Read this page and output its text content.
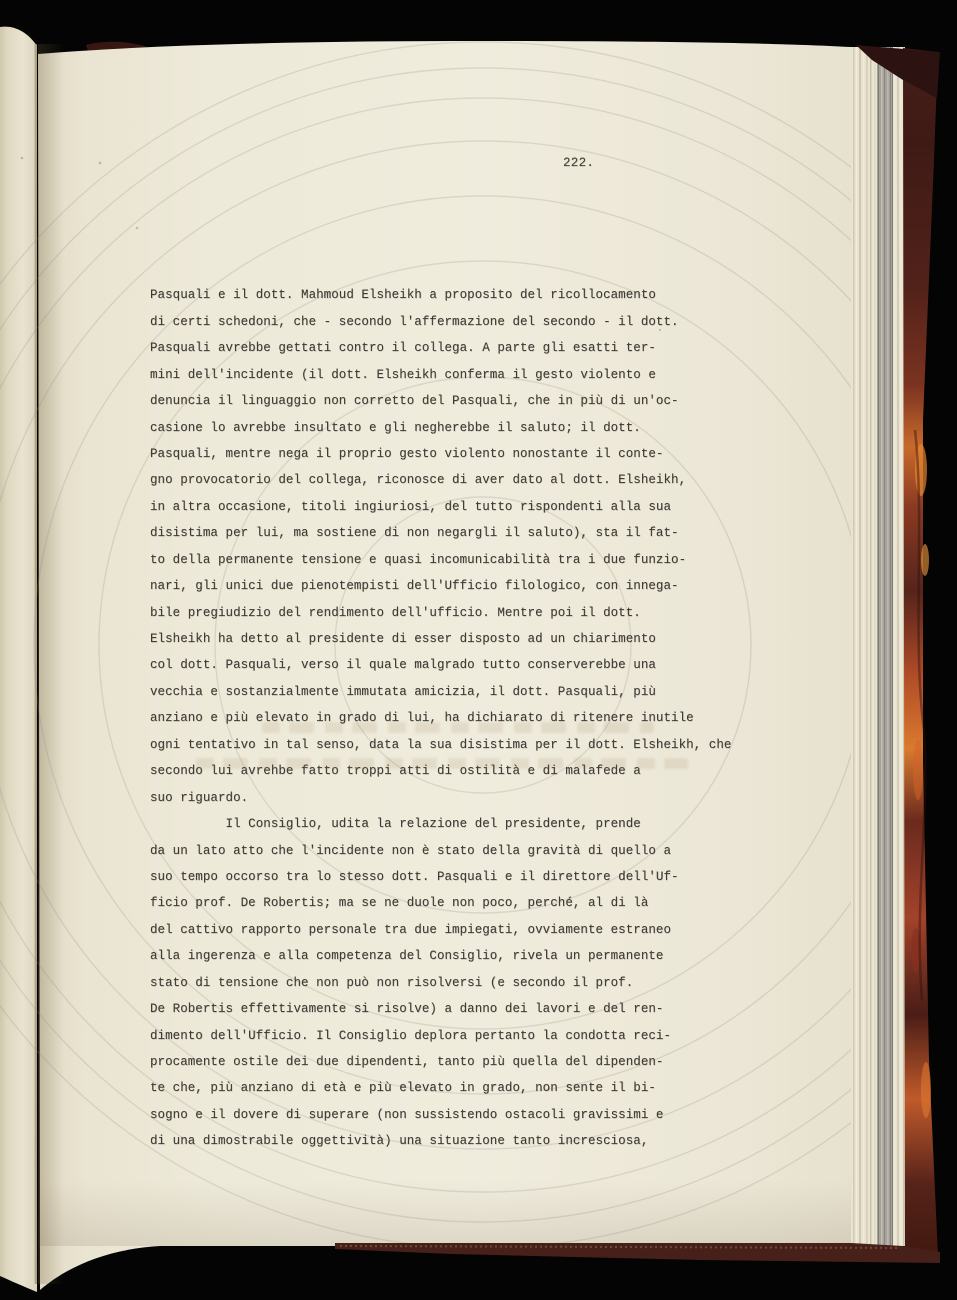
222.

Pasquali e il dott. Mahmoud Elsheikh a proposito del ricollocamento
di certi schedoni, che - secondo l'affermazione del secondo - il dott.
Pasquali avrebbe gettati contro il collega. A parte gli esatti ter-
mini dell'incidente (il dott. Elsheikh conferma il gesto violento e
denuncia il linguaggio non corretto del Pasquali, che in più di un'oc-
casione lo avrebbe insultato e gli negherebbe il saluto; il dott.
Pasquali, mentre nega il proprio gesto violento nonostante il conte-
gno provocatorio del collega, riconosce di aver dato al dott. Elsheikh,
in altra occasione, titoli ingiuriosi, del tutto rispondenti alla sua
disistima per lui, ma sostiene di non negargli il saluto), sta il fat-
to della permanente tensione e quasi incomunicabilità tra i due funzio-
nari, gli unici due pienotempisti dell'Ufficio filologico, con innega-
bile pregiudizio del rendimento dell'ufficio. Mentre poi il dott.
Elsheikh ha detto al presidente di esser disposto ad un chiarimento
col dott. Pasquali, verso il quale malgrado tutto conserverebbe una
vecchia e sostanzialmente immutata amicizia, il dott. Pasquali, più
anziano e più elevato in grado di lui, ha dichiarato di ritenere inutile
ogni tentativo in tal senso, data la sua disistima per il dott. Elsheikh, che
secondo lui avrehbe fatto troppi atti di ostilità e di malafede a
suo riguardo.
Il Consiglio, udita la relazione del presidente, prende
da un lato atto che l'incidente non è stato della gravità di quello a
suo tempo occorso tra lo stesso dott. Pasquali e il direttore dell'Uf-
ficio prof. De Robertis; ma se ne duole non poco, perché, al di là
del cattivo rapporto personale tra due impiegati, ovviamente estraneo
alla ingerenza e alla competenza del Consiglio, rivela un permanente
stato di tensione che non può non risolversi (e secondo il prof.
De Robertis effettivamente si risolve) a danno dei lavori e del ren-
dimento dell'Ufficio. Il Consiglio deplora pertanto la condotta reci-
procamente ostile dei due dipendenti, tanto più quella del dipenden-
te che, più anziano di età e più elevato in grado, non sente il bi-
sogno e il dovere di superare (non sussistendo ostacoli gravissimi e
di una dimostrabile oggettività) una situazione tanto incresciosa,
